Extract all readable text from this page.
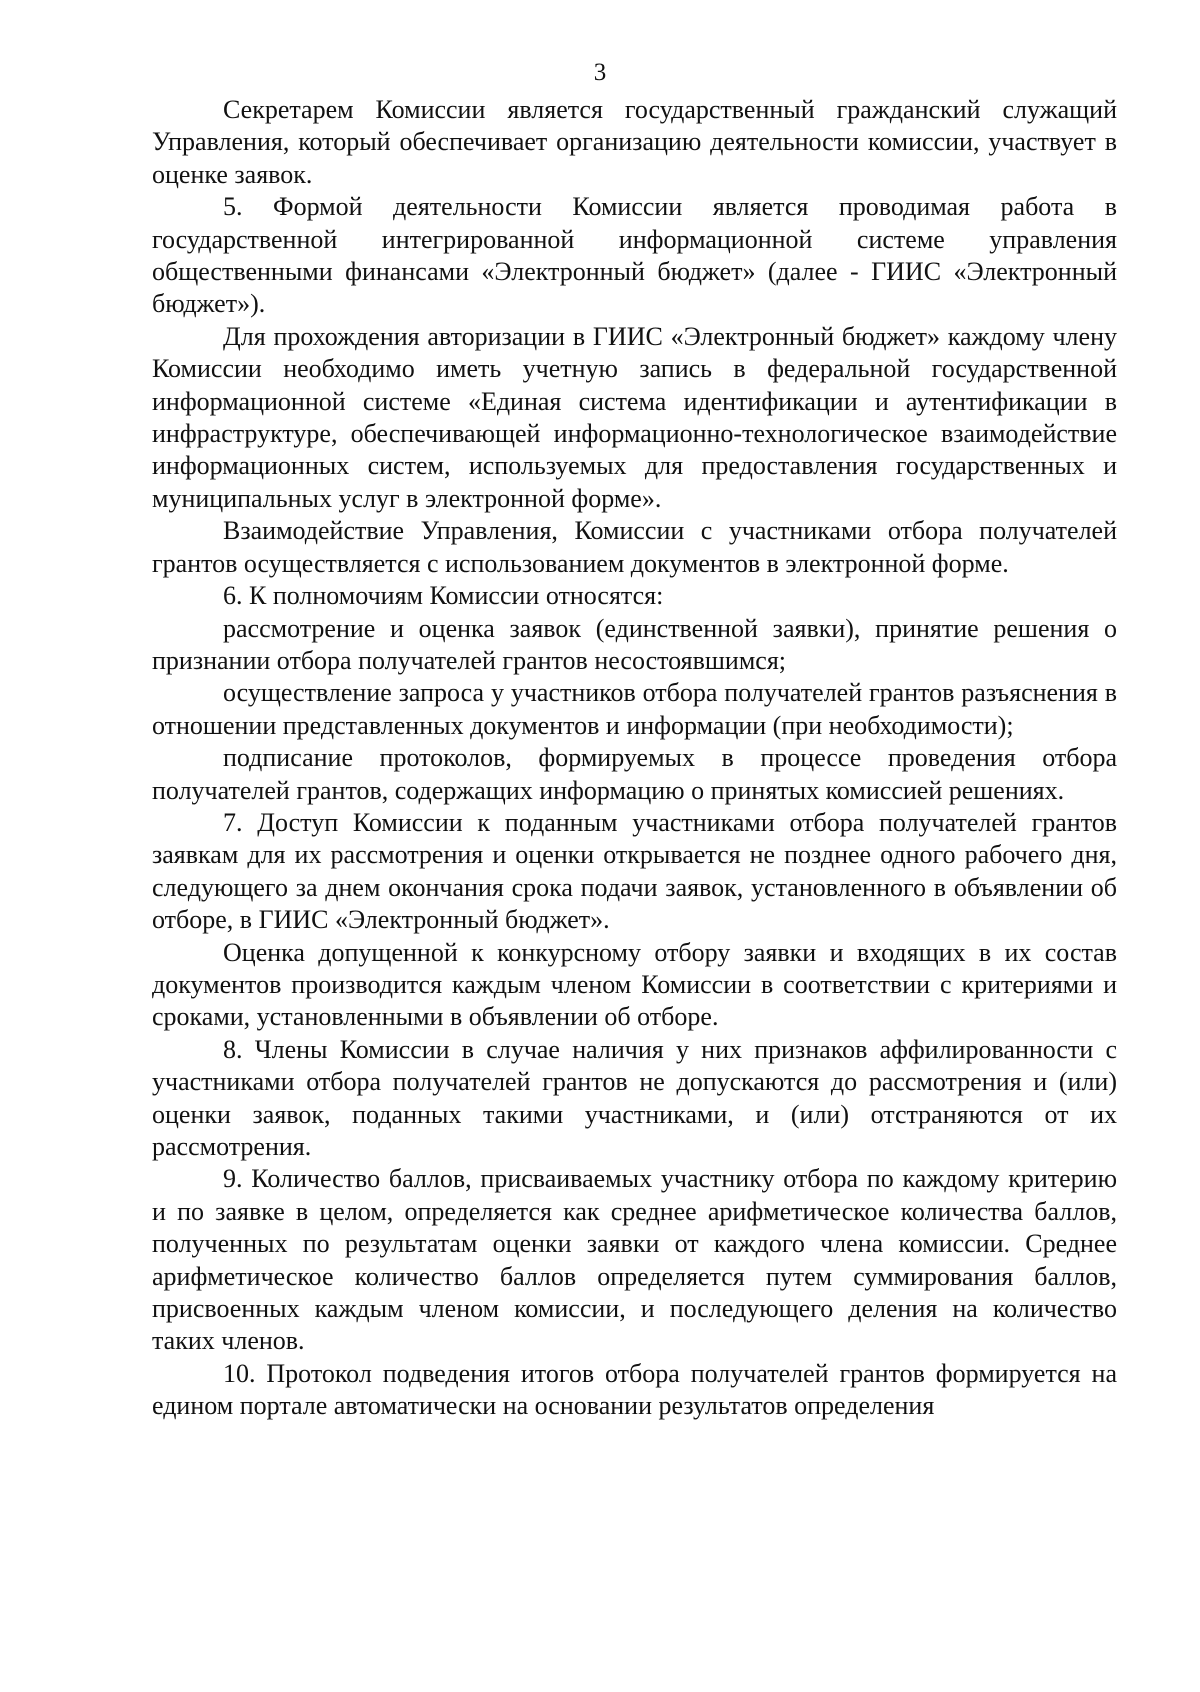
3

Секретарем Комиссии является государственный гражданский служащий Управления, который обеспечивает организацию деятельности комиссии, участвует в оценке заявок.

5. Формой деятельности Комиссии является проводимая работа в государственной интегрированной информационной системе управления общественными финансами «Электронный бюджет» (далее - ГИИС «Электронный бюджет»).

Для прохождения авторизации в ГИИС «Электронный бюджет» каждому члену Комиссии необходимо иметь учетную запись в федеральной государственной информационной системе «Единая система идентификации и аутентификации в инфраструктуре, обеспечивающей информационно-технологическое взаимодействие информационных систем, используемых для предоставления государственных и муниципальных услуг в электронной форме».

Взаимодействие Управления, Комиссии с участниками отбора получателей грантов осуществляется с использованием документов в электронной форме.

6. К полномочиям Комиссии относятся:

рассмотрение и оценка заявок (единственной заявки), принятие решения о признании отбора получателей грантов несостоявшимся;

осуществление запроса у участников отбора получателей грантов разъяснения в отношении представленных документов и информации (при необходимости);

подписание протоколов, формируемых в процессе проведения отбора получателей грантов, содержащих информацию о принятых комиссией решениях.

7. Доступ Комиссии к поданным участниками отбора получателей грантов заявкам для их рассмотрения и оценки открывается не позднее одного рабочего дня, следующего за днем окончания срока подачи заявок, установленного в объявлении об отборе, в ГИИС «Электронный бюджет».

Оценка допущенной к конкурсному отбору заявки и входящих в их состав документов производится каждым членом Комиссии в соответствии с критериями и сроками, установленными в объявлении об отборе.

8. Члены Комиссии в случае наличия у них признаков аффилированности с участниками отбора получателей грантов не допускаются до рассмотрения и (или) оценки заявок, поданных такими участниками, и (или) отстраняются от их рассмотрения.

9. Количество баллов, присваиваемых участнику отбора по каждому критерию и по заявке в целом, определяется как среднее арифметическое количества баллов, полученных по результатам оценки заявки от каждого члена комиссии. Среднее арифметическое количество баллов определяется путем суммирования баллов, присвоенных каждым членом комиссии, и последующего деления на количество таких членов.

10. Протокол подведения итогов отбора получателей грантов формируется на едином портале автоматически на основании результатов определения
